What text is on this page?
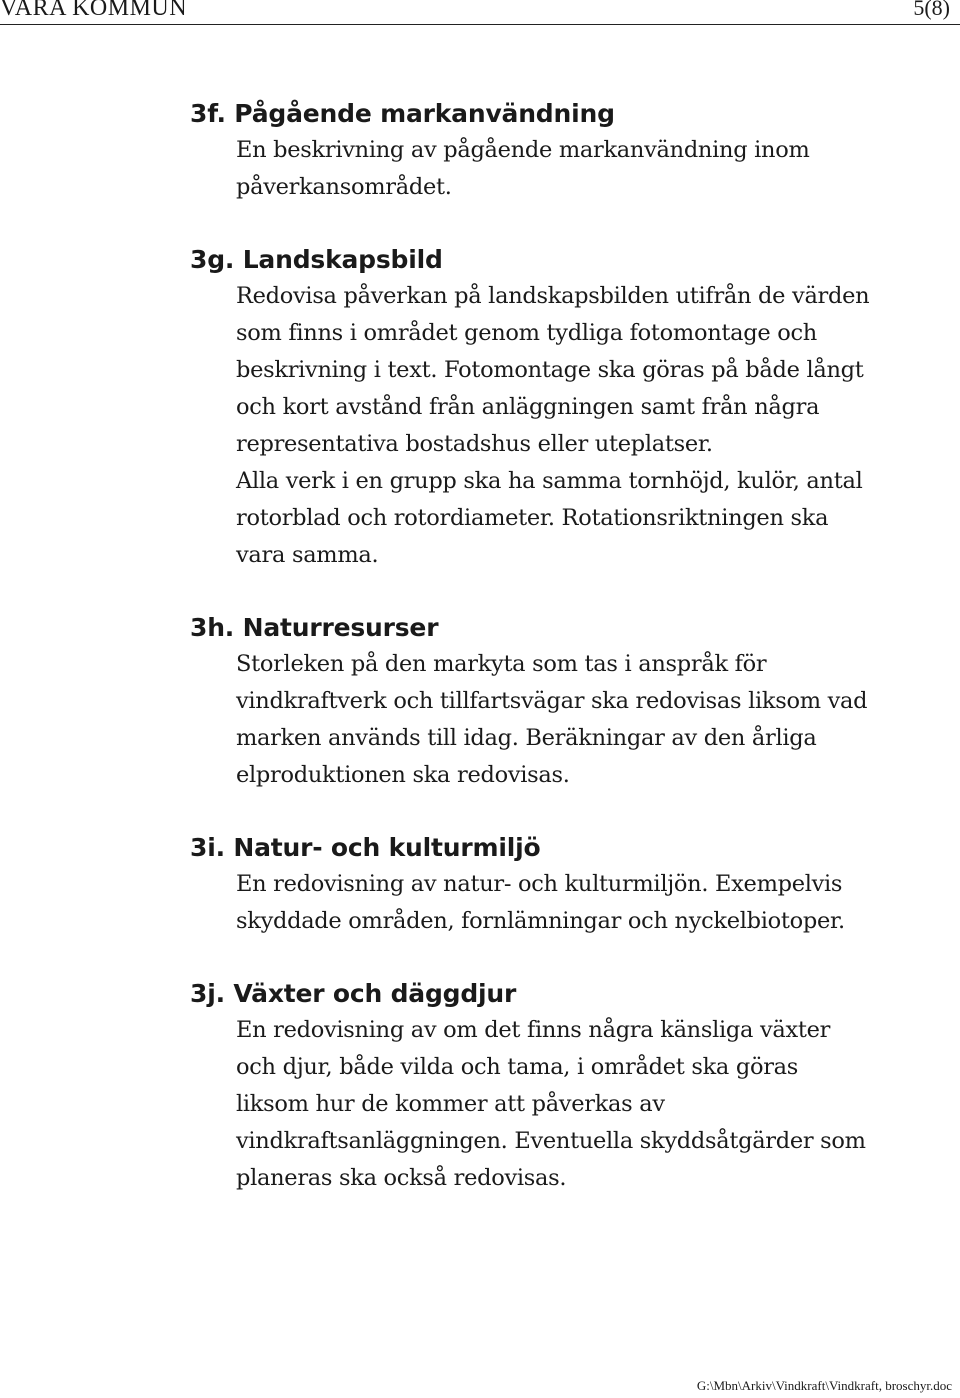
VARA KOMMUN	5(8)
3f. Pågående markanvändning
En beskrivning av pågående markanvändning inom
påverkansområdet.
3g. Landskapsbild
Redovisa påverkan på landskapsbilden utifrån de värden
som finns i området genom tydliga fotomontage och
beskrivning i text. Fotomontage ska göras på både långt
och kort avstånd från anläggningen samt från några
representativa bostadshus eller uteplatser.
Alla verk i en grupp ska ha samma tornhöjd, kulör, antal
rotorblad och rotordiameter. Rotationsriktningen ska
vara samma.
3h. Naturresurser
Storleken på den markyta som tas i anspråk för
vindkraftverk och tillfartsvägar ska redovisas liksom vad
marken används till idag. Beräkningar av den årliga
elproduktionen ska redovisas.
3i. Natur- och kulturmiljö
En redovisning av natur- och kulturmiljön. Exempelvis
skyddade områden, fornlämningar och nyckelbiotoper.
3j. Växter och däggdjur
En redovisning av om det finns några känsliga växter
och djur, både vilda och tama, i området ska göras
liksom hur de kommer att påverkas av
vindkraftsanläggningen. Eventuella skyddsåtgärder som
planeras ska också redovisas.
G:\Mbn\Arkiv\Vindkraft\Vindkraft, broschyr.doc
